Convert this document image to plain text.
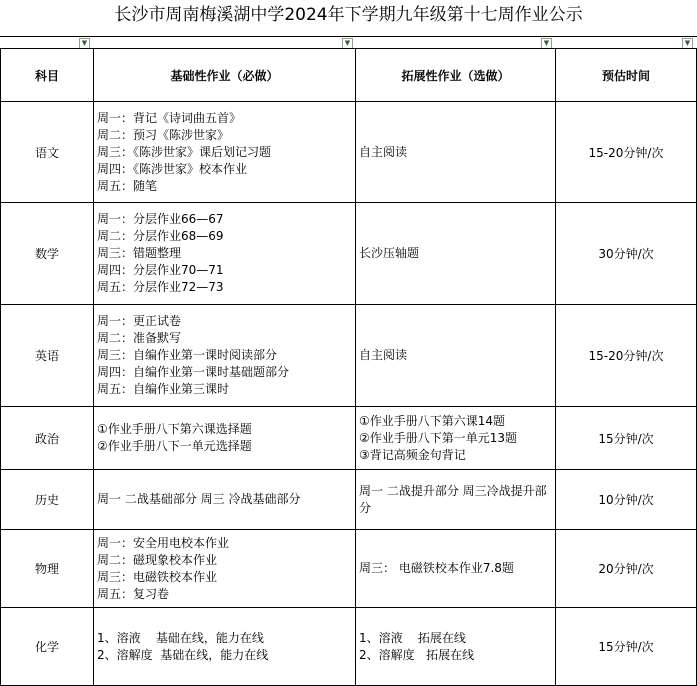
长沙市周南梅溪湖中学2024年下学期九年级第十七周作业公示
▼	▼	▼	▼
科目	基础性作业（必做）	拓展性作业（选做）	预估时间
语文	周一：背记《诗词曲五首》
周二：预习《陈涉世家》
周三：《陈涉世家》课后划记习题
周四：《陈涉世家》校本作业
周五：随笔	自主阅读	15-20分钟/次
数学	周一：分层作业66—67
周二：分层作业68—69
周三：错题整理
周四：分层作业70—71
周五：分层作业72—73	长沙压轴题	30分钟/次
英语	周一：更正试卷
周二：准备默写
周三：自编作业第一课时阅读部分
周四：自编作业第一课时基础题部分
周五：自编作业第三课时	自主阅读	15-20分钟/次
政治	①作业手册八下第六课选择题
②作业手册八下一单元选择题	①作业手册八下第六课14题
②作业手册八下第一单元13题
③背记高频金句背记	15分钟/次
历史	周一 二战基础部分 周三 冷战基础部分	周一 二战提升部分 周三冷战提升部分	10分钟/次
物理	周一：安全用电校本作业
周二：磁现象校本作业
周三：电磁铁校本作业
周五：复习卷	周三： 电磁铁校本作业7.8题	20分钟/次
化学	1、溶液    基础在线，能力在线
2、溶解度  基础在线，能力在线	1、溶液    拓展在线
2、溶解度   拓展在线	15分钟/次
